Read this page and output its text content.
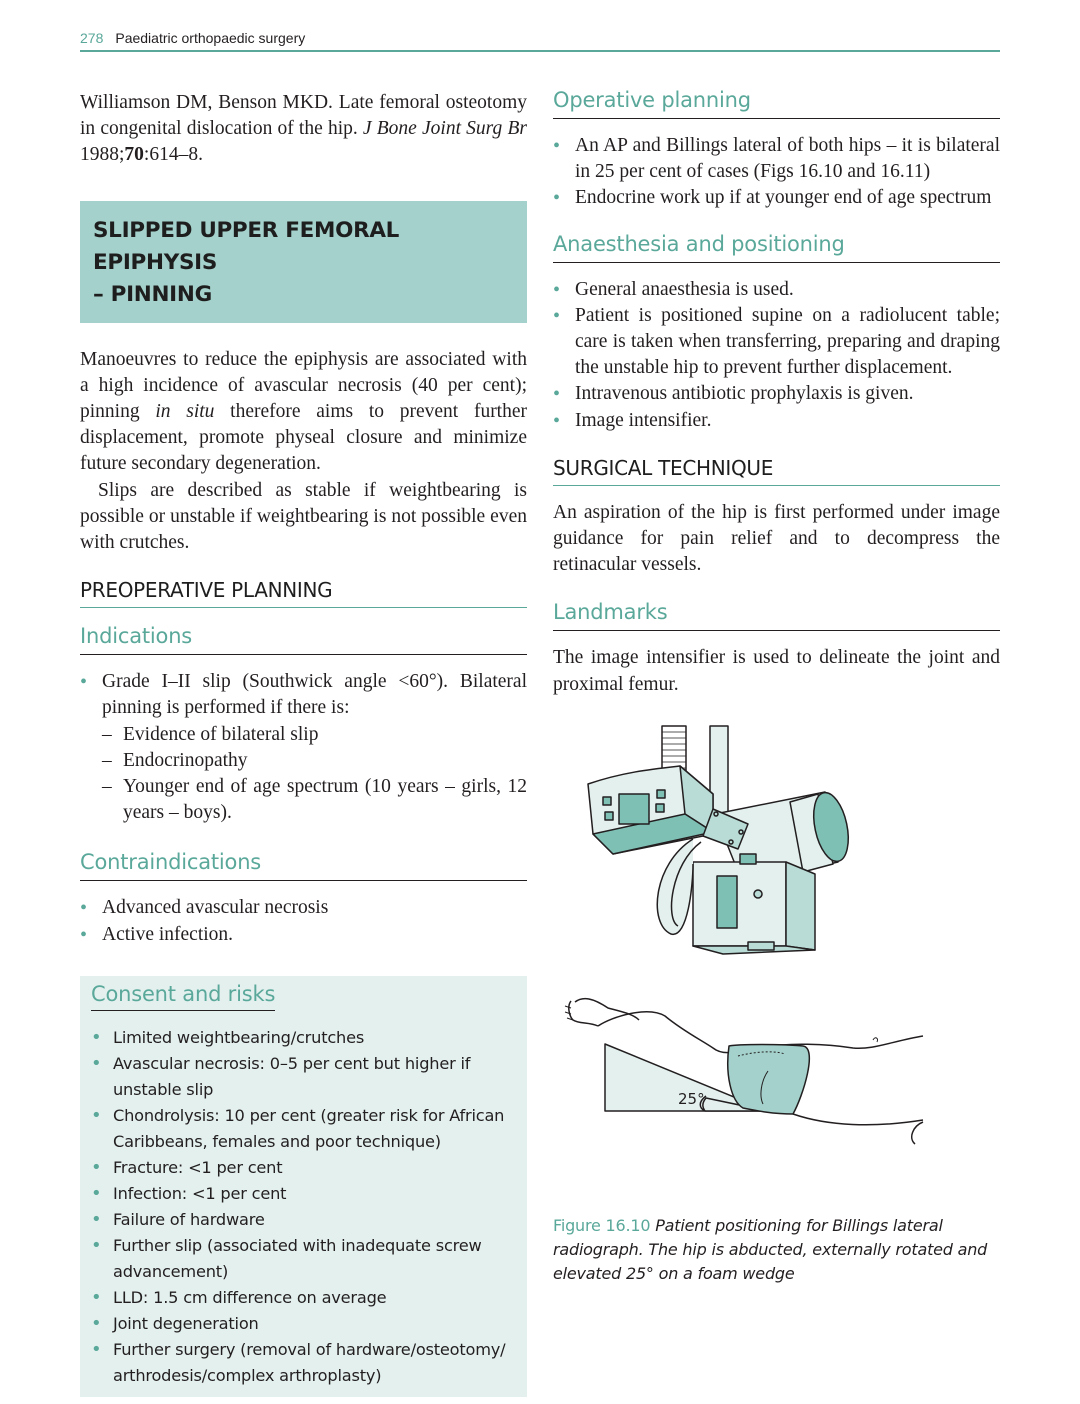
278 Paediatric orthopaedic surgery

Williamson DM, Benson MKD. Late femoral osteotomy in congenital dislocation of the hip. J Bone Joint Surg Br 1988;70:614–8.

SLIPPED UPPER FEMORAL EPIPHYSIS
– PINNING

Manoeuvres to reduce the epiphysis are associated with a high incidence of avascular necrosis (40 per cent); pinning in situ therefore aims to prevent further displacement, promote physeal closure and minimize future secondary degeneration.

Slips are described as stable if weightbearing is possible or unstable if weightbearing is not possible even with crutches.

PREOPERATIVE PLANNING
Indications
• Grade I–II slip (Southwick angle <60°). Bilateral pinning is performed if there is:
– Evidence of bilateral slip
– Endocrinopathy
– Younger end of age spectrum (10 years – girls, 12 years – boys).
Contraindications
• Advanced avascular necrosis
• Active infection.
Consent and risks
• Limited weightbearing/crutches
• Avascular necrosis: 0–5 per cent but higher if unstable slip
• Chondrolysis: 10 per cent (greater risk for African Caribbeans, females and poor technique)
• Fracture: <1 per cent
• Infection: <1 per cent
• Failure of hardware
• Further slip (associated with inadequate screw advancement)
• LLD: 1.5 cm difference on average
• Joint degeneration
• Further surgery (removal of hardware/osteotomy/ arthrodesis/complex arthroplasty)
Operative planning
• An AP and Billings lateral of both hips – it is bilateral in 25 per cent of cases (Figs 16.10 and 16.11)
• Endocrine work up if at younger end of age spectrum
Anaesthesia and positioning
• General anaesthesia is used.
• Patient is positioned supine on a radiolucent table; care is taken when transferring, preparing and draping the unstable hip to prevent further displacement.
• Intravenous antibiotic prophylaxis is given.
• Image intensifier.
SURGICAL TECHNIQUE

An aspiration of the hip is first performed under image guidance for pain relief and to decompress the retinacular vessels.

Landmarks

The image intensifier is used to delineate the joint and proximal femur.

25°

Figure 16.10 Patient positioning for Billings lateral radiograph. The hip is abducted, externally rotated and elevated 25° on a foam wedge
